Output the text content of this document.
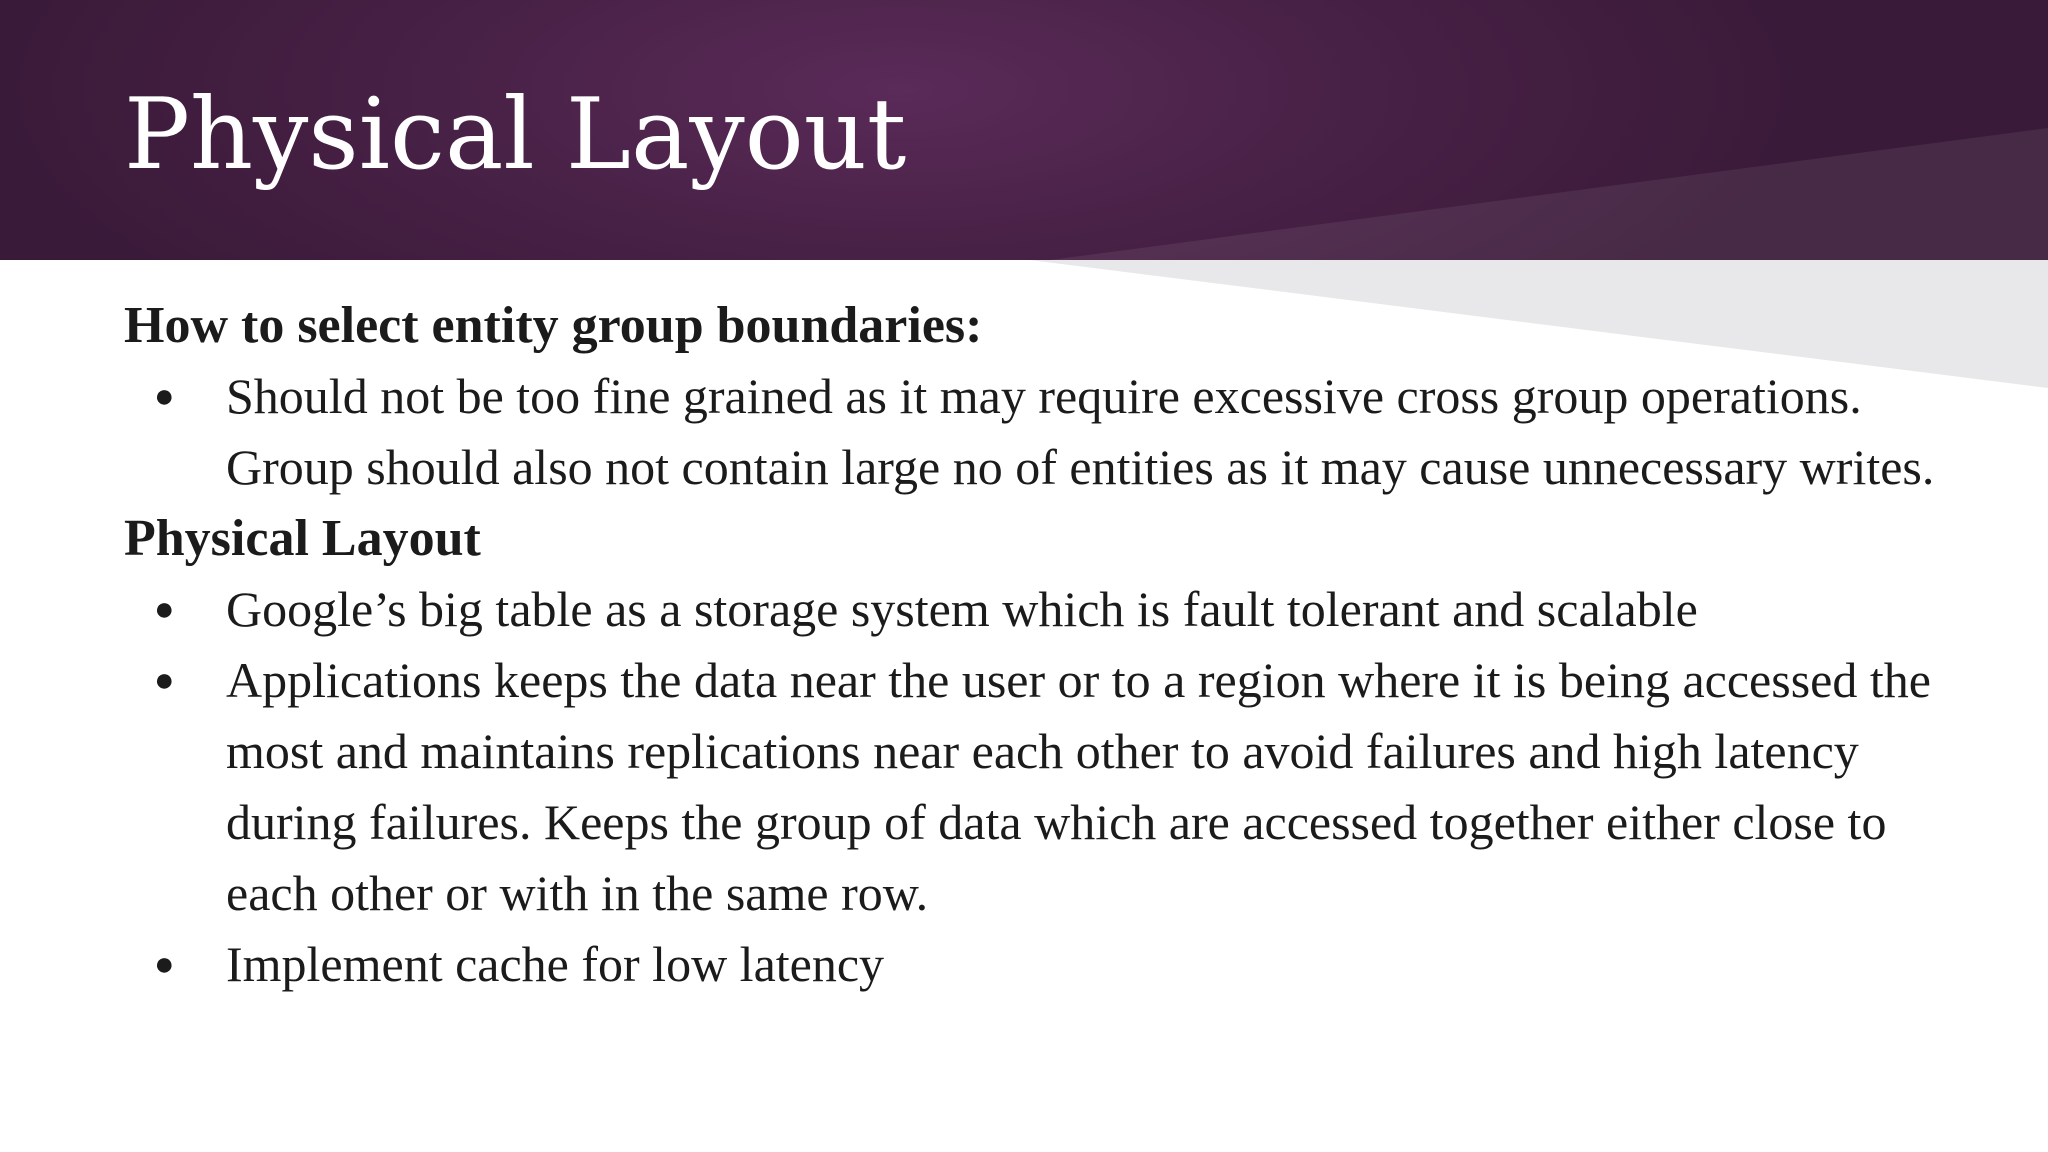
Physical Layout
How to select entity group boundaries:
● Should not be too fine grained as it may require excessive cross group operations. Group should also not contain large no of entities as it may cause unnecessary writes.
Physical Layout
● Google’s big table as a storage system which is fault tolerant and scalable
● Applications keeps the data near the user or to a region where it is being accessed the most and maintains replications near each other to avoid failures and high latency during failures. Keeps the group of data which are accessed together either close to each other or with in the same row.
● Implement cache for low latency
